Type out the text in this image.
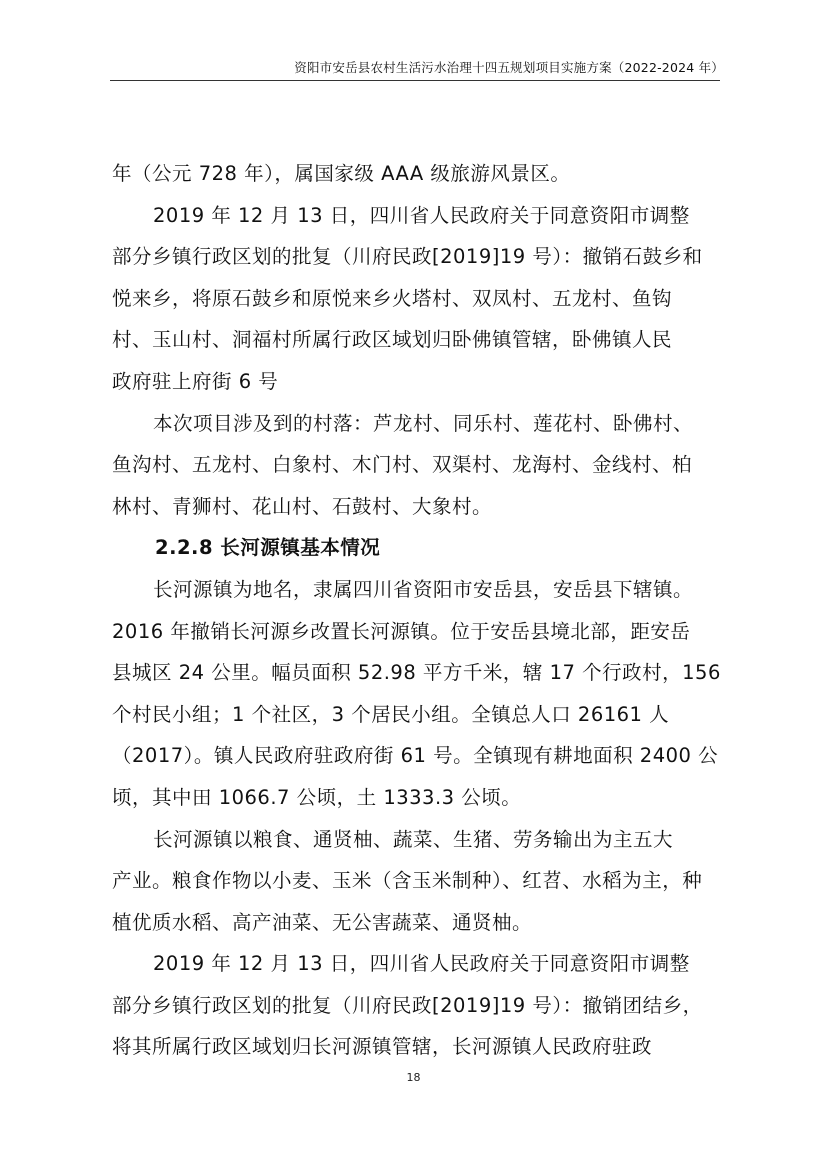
资阳市安岳县农村生活污水治理十四五规划项目实施方案（2022-2024 年）
年（公元 728 年），属国家级 AAA 级旅游风景区。
2019 年 12 月 13 日，四川省人民政府关于同意资阳市调整
部分乡镇行政区划的批复（川府民政[2019]19 号）：撤销石鼓乡和
悦来乡，将原石鼓乡和原悦来乡火塔村、双凤村、五龙村、鱼钩
村、玉山村、洞福村所属行政区域划归卧佛镇管辖，卧佛镇人民
政府驻上府街 6 号
本次项目涉及到的村落：芦龙村、同乐村、莲花村、卧佛村、
鱼沟村、五龙村、白象村、木门村、双渠村、龙海村、金线村、柏
林村、青狮村、花山村、石鼓村、大象村。
2.2.8 长河源镇基本情况
长河源镇为地名，隶属四川省资阳市安岳县，安岳县下辖镇。
2016 年撤销长河源乡改置长河源镇。位于安岳县境北部，距安岳
县城区 24 公里。幅员面积 52.98 平方千米，辖 17 个行政村，156
个村民小组；1 个社区，3 个居民小组。全镇总人口 26161 人
（2017）。镇人民政府驻政府街 61 号。全镇现有耕地面积 2400 公
顷，其中田 1066.7 公顷，土 1333.3 公顷。
长河源镇以粮食、通贤柚、蔬菜、生猪、劳务输出为主五大
产业。粮食作物以小麦、玉米（含玉米制种）、红苕、水稻为主，种
植优质水稻、高产油菜、无公害蔬菜、通贤柚。
2019 年 12 月 13 日，四川省人民政府关于同意资阳市调整
部分乡镇行政区划的批复（川府民政[2019]19 号）：撤销团结乡，
将其所属行政区域划归长河源镇管辖，长河源镇人民政府驻政
18
